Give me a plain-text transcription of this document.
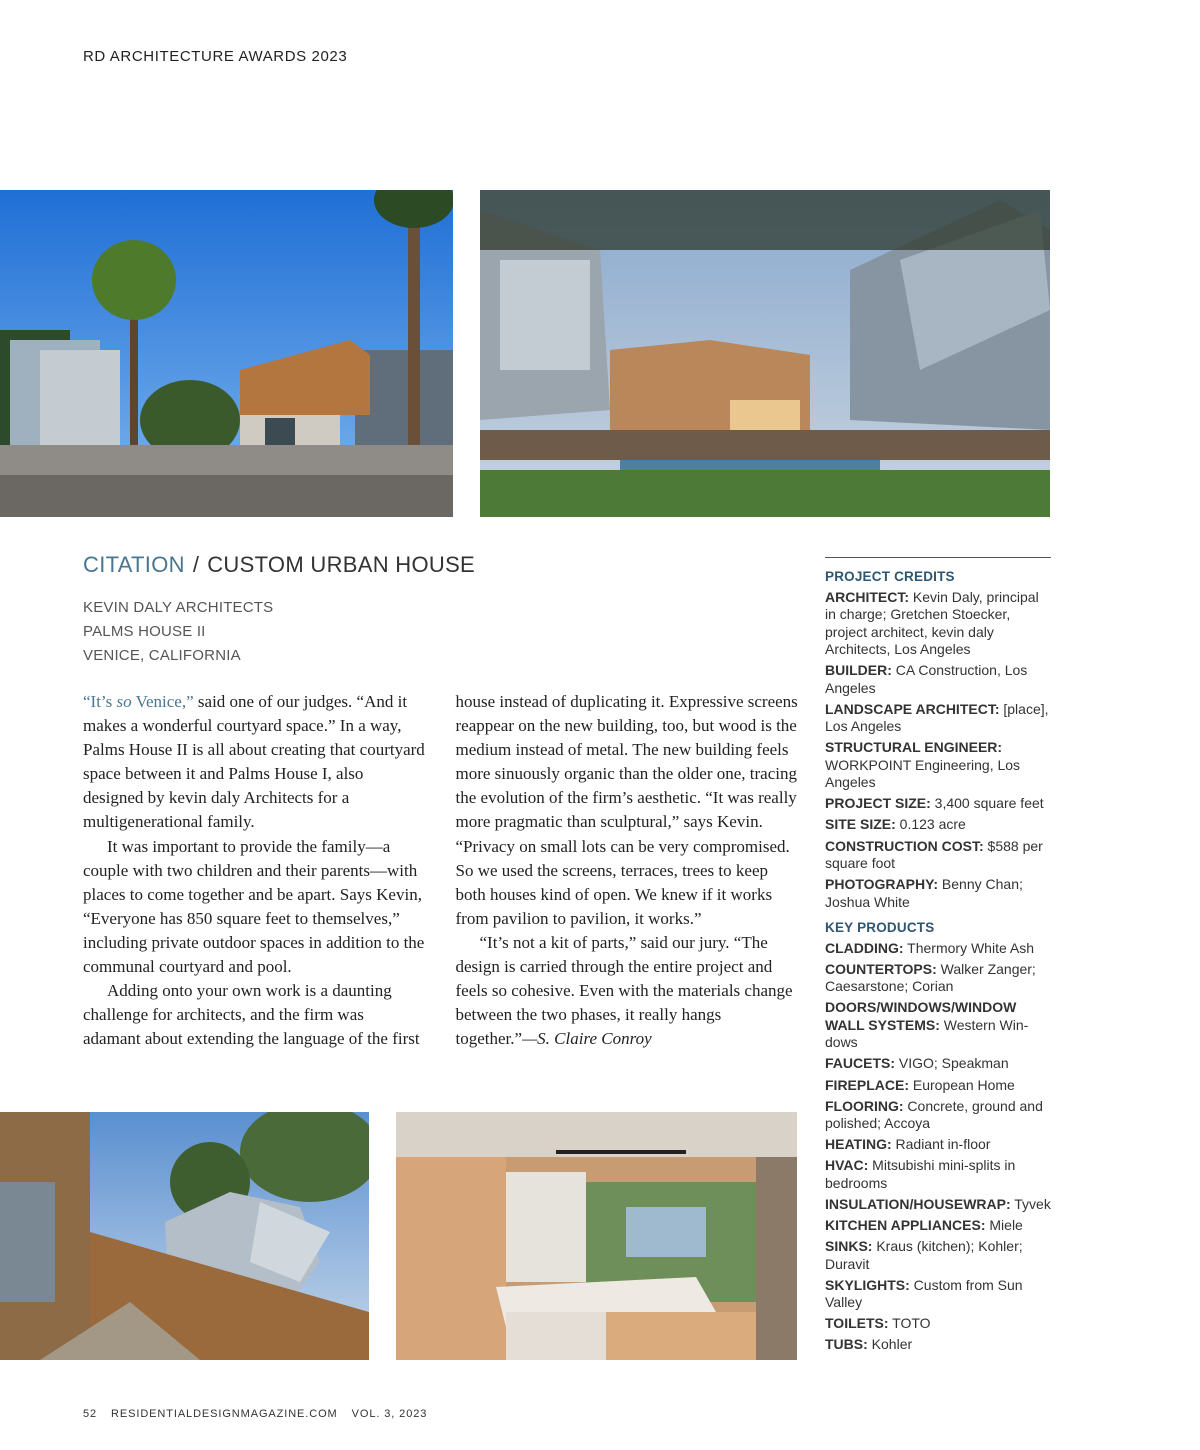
RD ARCHITECTURE AWARDS 2023
CITATION / CUSTOM URBAN HOUSE
KEVIN DALY ARCHITECTS
PALMS HOUSE II
VENICE, CALIFORNIA

“It’s so Venice,” said one of our judges. “And it makes a wonderful courtyard space.” In a way, Palms House II is all about creating that courtyard space between it and Palms House I, also designed by kevin daly Architects for a multigenerational family.

It was important to provide the family—a couple with two children and their parents—with places to come together and be apart. Says Kevin, “Everyone has 850 square feet to themselves,” including private outdoor spaces in addition to the communal courtyard and pool.

Adding onto your own work is a daunting challenge for architects, and the firm was adamant about extending the language of the first house instead of duplicating it. Expressive screens reappear on the new building, too, but wood is the medium instead of metal. The new building feels more sinuously organic than the older one, tracing the evolution of the firm’s aesthetic. “It was really more pragmatic than sculptural,” says Kevin. “Privacy on small lots can be very compromised. So we used the screens, terraces, trees to keep both houses kind of open. We knew if it works from pavilion to pavilion, it works.”

“It’s not a kit of parts,” said our jury. “The design is carried through the entire project and feels so cohesive. Even with the materials change between the two phases, it really hangs together.”—S. Claire Conroy

PROJECT CREDITS
ARCHITECT: Kevin Daly, principal in charge; Gretchen Stoecker, project architect, kevin daly Architects, Los Angeles
BUILDER: CA Construction, Los Angeles
LANDSCAPE ARCHITECT: [place], Los Angeles
STRUCTURAL ENGINEER: WORKPOINT Engineering, Los Angeles
PROJECT SIZE: 3,400 square feet
SITE SIZE: 0.123 acre
CONSTRUCTION COST: $588 per square foot
PHOTOGRAPHY: Benny Chan; Joshua White
KEY PRODUCTS
CLADDING: Thermory White Ash
COUNTERTOPS: Walker Zanger; Caesarstone; Corian
DOORS/WINDOWS/WINDOW WALL SYSTEMS: Western Windows
FAUCETS: VIGO; Speakman
FIREPLACE: European Home
FLOORING: Concrete, ground and polished; Accoya
HEATING: Radiant in-floor
HVAC: Mitsubishi mini-splits in bedrooms
INSULATION/HOUSEWRAP: Tyvek
KITCHEN APPLIANCES: Miele
SINKS: Kraus (kitchen); Kohler; Duravit
SKYLIGHTS: Custom from Sun Valley
TOILETS: TOTO
TUBS: Kohler
52 RESIDENTIALDESIGNMAGAZINE.COM VOL. 3, 2023
